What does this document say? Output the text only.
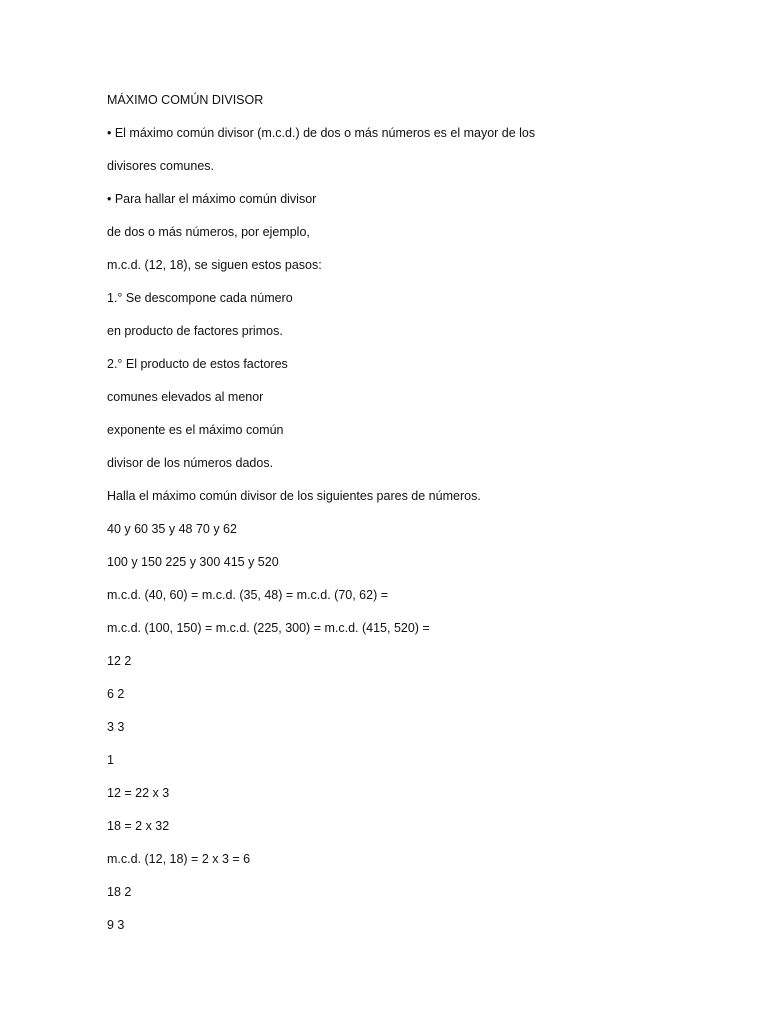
MÁXIMO COMÚN DIVISOR
• El máximo común divisor (m.c.d.) de dos o más números es el mayor de los
divisores comunes.
• Para hallar el máximo común divisor
de dos o más números, por ejemplo,
m.c.d. (12, 18), se siguen estos pasos:
1.° Se descompone cada número
en producto de factores primos.
2.° El producto de estos factores
comunes elevados al menor
exponente es el máximo común
divisor de los números dados.
Halla el máximo común divisor de los siguientes pares de números.
40 y 60 35 y 48 70 y 62
100 y 150 225 y 300 415 y 520
m.c.d. (40, 60) = m.c.d. (35, 48) = m.c.d. (70, 62) =
m.c.d. (100, 150) = m.c.d. (225, 300) = m.c.d. (415, 520) =
12 2
6 2
3 3
1
12 = 22 x 3
18 = 2 x 32
m.c.d. (12, 18) = 2 x 3 = 6
18 2
9 3
